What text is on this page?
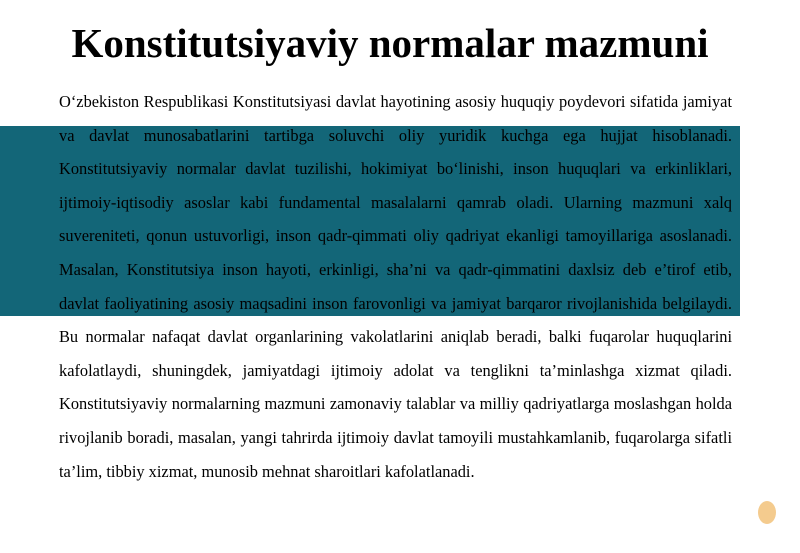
Konstitutsiyaviy normalar mazmuni

O‘zbekiston Respublikasi Konstitutsiyasi davlat hayotining asosiy huquqiy poydevori sifatida jamiyat va davlat munosabatlarini tartibga soluvchi oliy yuridik kuchga ega hujjat hisoblanadi. Konstitutsiyaviy normalar davlat tuzilishi, hokimiyat bo‘linishi, inson huquqlari va erkinliklari, ijtimoiy-iqtisodiy asoslar kabi fundamental masalalarni qamrab oladi. Ularning mazmuni xalq suvereniteti, qonun ustuvorligi, inson qadr-qimmati oliy qadriyat ekanligi tamoyillariga asoslanadi. Masalan, Konstitutsiya inson hayoti, erkinligi, sha’ni va qadr-qimmatini daxlsiz deb e’tirof etib, davlat faoliyatining asosiy maqsadini inson farovonligi va jamiyat barqaror rivojlanishida belgilaydi. Bu normalar nafaqat davlat organlarining vakolatlarini aniqlab beradi, balki fuqarolar huquqlarini kafolatlaydi, shuningdek, jamiyatdagi ijtimoiy adolat va tenglikni ta’minlashga xizmat qiladi. Konstitutsiyaviy normalarning mazmuni zamonaviy talablar va milliy qadriyatlarga moslashgan holda rivojlanib boradi, masalan, yangi tahrirda ijtimoiy davlat tamoyili mustahkamlanib, fuqarolarga sifatli ta’lim, tibbiy xizmat, munosib mehnat sharoitlari kafolatlanadi.
